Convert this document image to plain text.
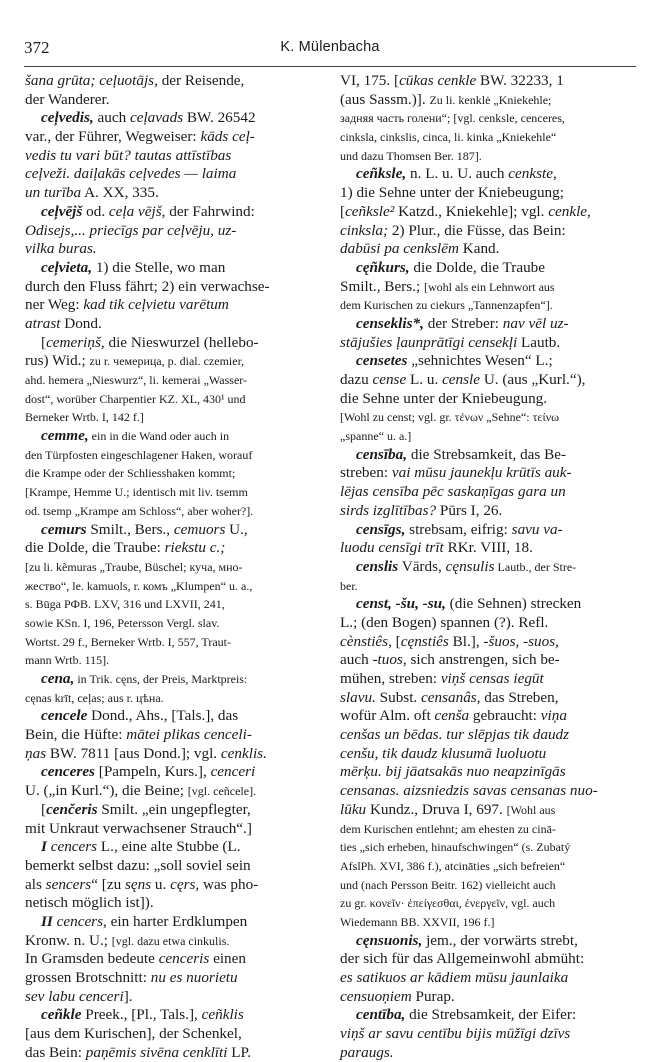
372	K. Mülenbacha
šana grūta; ceļuotājs, der Reisende,
der Wanderer.
ceļvedis, auch ceļavads BW. 26542
var., der Führer, Wegweiser: kāds ceļ-
vedis tu vari būt? tautas attīstības
ceļveži. daiļakās ceļvedes — laima
un turība A. XX, 335.
ceļvējš od. ceļa vējš, der Fahrwind:
Odisejs,... priecīgs par ceļvēju, uz-
vilka buras.
ceļvieta, 1) die Stelle, wo man
durch den Fluss fährt; 2) ein verwachse-
ner Weg: kad tik ceļvietu varētum
atrast Dond.
[cemeriņš, die Nieswurzel (hellebo-
rus) Wid.; zu r. чемерица, p. dial. czemier,
ahd. hemera „Nieswurz“, li. kemerai „Wasser-
dost“, worüber Charpentier KZ. XL, 430¹ und
Berneker Wrtb. I, 142 f.]
cemme, ein in die Wand oder auch in
den Türpfosten eingeschlagener Haken, worauf
die Krampe oder der Schliesshaken kommt;
[Krampe, Hemme U.; identisch mit liv. tsemm
od. tsemp „Krampe am Schloss“, aber woher?].
cemurs Smilt., Bers., cemuors U.,
die Dolde, die Traube: riekstu c.;
[zu li. kẽmuras „Traube, Büschel; куча, мно-
жество“, le. kamuols, r. комъ „Klumpen“ u. a.,
s. Būga РФВ. LXV, 316 und LXVII, 241,
sowie KSn. I, 196, Petersson Vergl. slav.
Wortst. 29 f., Berneker Wrtb. I, 557, Traut-
mann Wrtb. 115].
cena, in Trik. cęns, der Preis, Marktpreis:
cęnas krīt, ceļas; aus r. цѣна.
cencele Dond., Ahs., [Tals.], das
Bein, die Hüfte: mātei plikas cenceli-
ņas BW. 7811 [aus Dond.]; vgl. cenklis.
cenceres [Pampeln, Kurs.], cenceri
U. („in Kurl.“), die Beine; [vgl. ceñcele].
[cenčeris Smilt. „ein ungepflegter,
mit Unkraut verwachsener Strauch“.]
I cencers L., eine alte Stubbe (L.
bemerkt selbst dazu: „soll soviel sein
als sencers“ [zu sęns u. cęrs, was pho-
netisch möglich ist]).
II cencers, ein harter Erdklumpen
Kronw. n. U.; [vgl. dazu etwa cinkulis.
In Gramsden bedeute cenceris einen
grossen Brotschnitt: nu es nuorietu
sev labu cenceri].
ceñkle Preek., [Pl., Tals.], ceñklis
[aus dem Kurischen], der Schenkel,
das Bein: paņēmis sivēna cenklīti LP.
VI, 175. [cūkas cenkle BW. 32233, 1
(aus Sassm.)]. Zu li. kenklė „Kniekehle;
задняя часть голени“; [vgl. cenksle, cenceres,
cinksla, cinkslis, cinca, li. kinka „Kniekehle“
und dazu Thomsen Ber. 187].
ceñksle, n. L. u. U. auch cenkste,
1) die Sehne unter der Kniebeugung;
[ceñksle² Katzd., Kniekehle]; vgl. cenkle,
cinksla; 2) Plur., die Füsse, das Bein:
dabūsi pa cenkslēm Kand.
cęñkurs, die Dolde, die Traube
Smilt., Bers.; [wohl als ein Lehnwort aus
dem Kurischen zu ciekurs „Tannenzapfen“].
censeklis*, der Streber: nav vēl uz-
stājušies ļaunprātīgi censekļi Lautb.
censetes „sehnichtes Wesen“ L.;
dazu cense L. u. censle U. (aus „Kurl.“),
die Sehne unter der Kniebeugung.
[Wohl zu censt; vgl. gr. τένων „Sehne“: τείνω
„spanne“ u. a.]
censība, die Strebsamkeit, das Be-
streben: vai mūsu jaunekļu krūtīs auk-
lējas censība pēc saskaņīgas gara un
sirds izglītības? Pūrs I, 26.
censīgs, strebsam, eifrig: savu va-
luodu censīgi trīt RKr. VIII, 18.
censlis Vārds, cęnsulis Lautb., der Stre-
ber.
censt, -šu, -su, (die Sehnen) strecken
L.; (den Bogen) spannen (?). Refl.
cènstiês, [cęnstiês Bl.], -šuos, -suos,
auch -tuos, sich anstrengen, sich be-
mühen, streben: viņš censas iegūt
slavu. Subst. censanâs, das Streben,
wofür Alm. oft cenša gebraucht: viņa
cenšas un bēdas. tur slēpjas tik daudz
cenšu, tik daudz klusumā luoluotu
mērķu. bij jāatsakās nuo neapzinīgās
censanas. aizsniedzis savas censanas nuo-
lūku Kundz., Druva I, 697. [Wohl aus
dem Kurischen entlehnt; am ehesten zu cinā-
ties „sich erheben, hinaufschwingen“ (s. Zubatý
AfslPh. XVI, 386 f.), atcināties „sich befreien“
und (nach Persson Beitr. 162) vielleicht auch
zu gr. κονεῖν· ἐπείγεσθαι, ἐνεργεῖν, vgl. auch
Wiedemann BB. XXVII, 196 f.]
cęnsuonis, jem., der vorwärts strebt,
der sich für das Allgemeinwohl abmüht:
es satikuos ar kādiem mūsu jaunlaika
censuoņiem Purap.
centība, die Strebsamkeit, der Eifer:
viņš ar savu centību bijis mūžīgi dzīvs
paraugs.
